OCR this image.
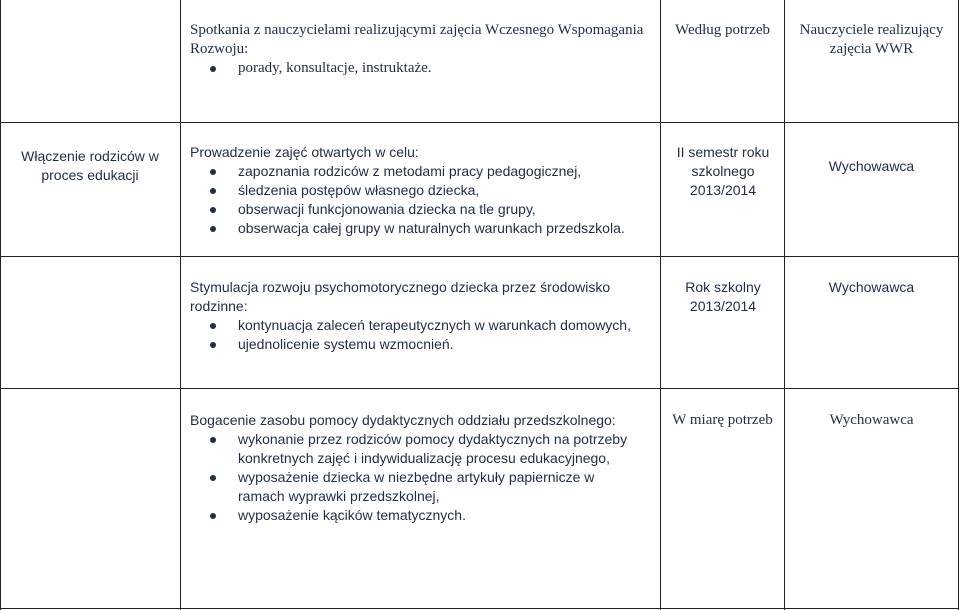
Spotkania z nauczycielami realizującymi zajęcia Wczesnego Wspomagania Rozwoju:
porady, konsultacje, instruktaże.
Według potrzeb	Nauczyciele realizujący zajęcia WWR
Włączenie rodziców w proces edukacji
Prowadzenie zajęć otwartych w celu:
zapoznania rodziców z metodami pracy pedagogicznej,
śledzenia postępów własnego dziecka,
obserwacji funkcjonowania dziecka na tle grupy,
obserwacja całej grupy w naturalnych warunkach przedszkola.
II semestr roku szkolnego 2013/2014
Wychowawca
Stymulacja rozwoju psychomotorycznego dziecka przez środowisko rodzinne:
kontynuacja zaleceń terapeutycznych w warunkach domowych,
ujednolicenie systemu wzmocnień.
Rok szkolny 2013/2014
Wychowawca
Bogacenie zasobu pomocy dydaktycznych oddziału przedszkolnego:
wykonanie przez rodziców pomocy dydaktycznych na potrzeby konkretnych zajęć i indywidualizację procesu edukacyjnego,
wyposażenie dziecka w niezbędne artykuły papiernicze w ramach wyprawki przedszkolnej,
wyposażenie kącików tematycznych.
W miarę potrzeb	Wychowawca
